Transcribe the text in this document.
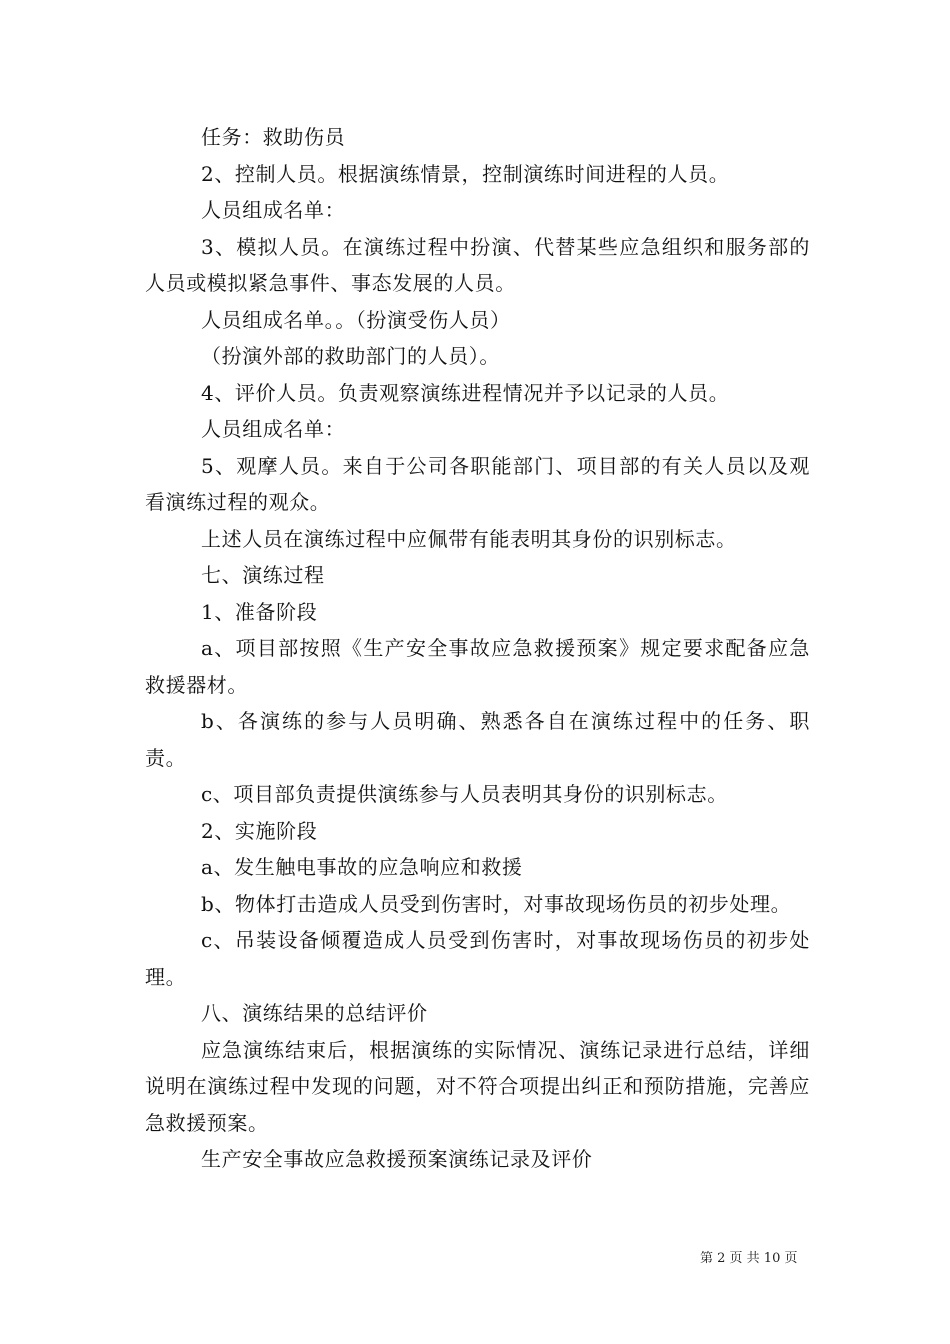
任务：救助伤员

2、控制人员。根据演练情景，控制演练时间进程的人员。

人员组成名单：

3、模拟人员。在演练过程中扮演、代替某些应急组织和服务部的人员或模拟紧急事件、事态发展的人员。

人员组成名单。。（扮演受伤人员）

（扮演外部的救助部门的人员）。

4、评价人员。负责观察演练进程情况并予以记录的人员。

人员组成名单：

5、观摩人员。来自于公司各职能部门、项目部的有关人员以及观看演练过程的观众。

上述人员在演练过程中应佩带有能表明其身份的识别标志。

七、演练过程

1、准备阶段

a、项目部按照《生产安全事故应急救援预案》规定要求配备应急救援器材。

b、各演练的参与人员明确、熟悉各自在演练过程中的任务、职责。

c、项目部负责提供演练参与人员表明其身份的识别标志。

2、实施阶段

a、发生触电事故的应急响应和救援

b、物体打击造成人员受到伤害时，对事故现场伤员的初步处理。

c、吊装设备倾覆造成人员受到伤害时，对事故现场伤员的初步处理。

八、演练结果的总结评价

应急演练结束后，根据演练的实际情况、演练记录进行总结，详细说明在演练过程中发现的问题，对不符合项提出纠正和预防措施，完善应急救援预案。

生产安全事故应急救援预案演练记录及评价

第 2 页 共 10 页
